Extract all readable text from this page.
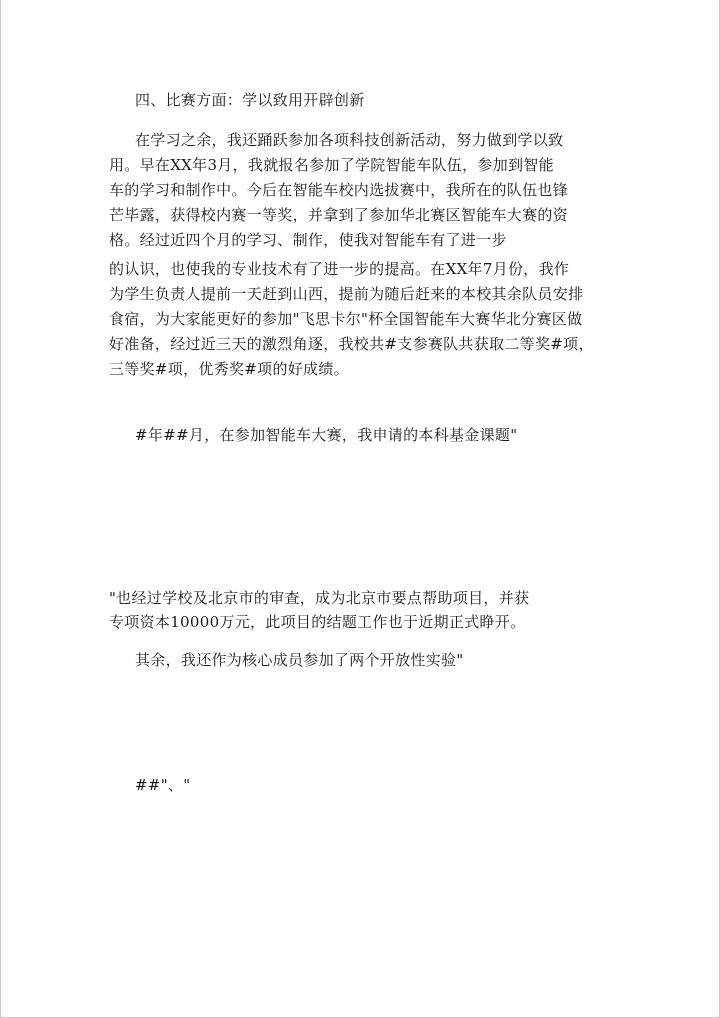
四、比赛方面：学以致用开辟创新
在学习之余，我还踊跃参加各项科技创新活动，努力做到学以致
用。早在XX年3月，我就报名参加了学院智能车队伍，参加到智能
车的学习和制作中。今后在智能车校内选拔赛中，我所在的队伍也锋
芒毕露，获得校内赛一等奖，并拿到了参加华北赛区智能车大赛的资
格。经过近四个月的学习、制作，使我对智能车有了进一步
的认识，也使我的专业技术有了进一步的提高。在XX年7月份，我作
为学生负责人提前一天赶到山西，提前为随后赶来的本校其余队员安排
食宿，为大家能更好的参加"飞思卡尔"杯全国智能车大赛华北分赛区做
好准备，经过近三天的激烈角逐，我校共#支参赛队共获取二等奖#项，
三等奖#项，优秀奖#项的好成绩。
#年##月，在参加智能车大赛，我申请的本科基金课题"
"也经过学校及北京市的审查，成为北京市要点帮助项目，并获
专项资本10000万元，此项目的结题工作也于近期正式睁开。
其余，我还作为核心成员参加了两个开放性实验"
##"、"
